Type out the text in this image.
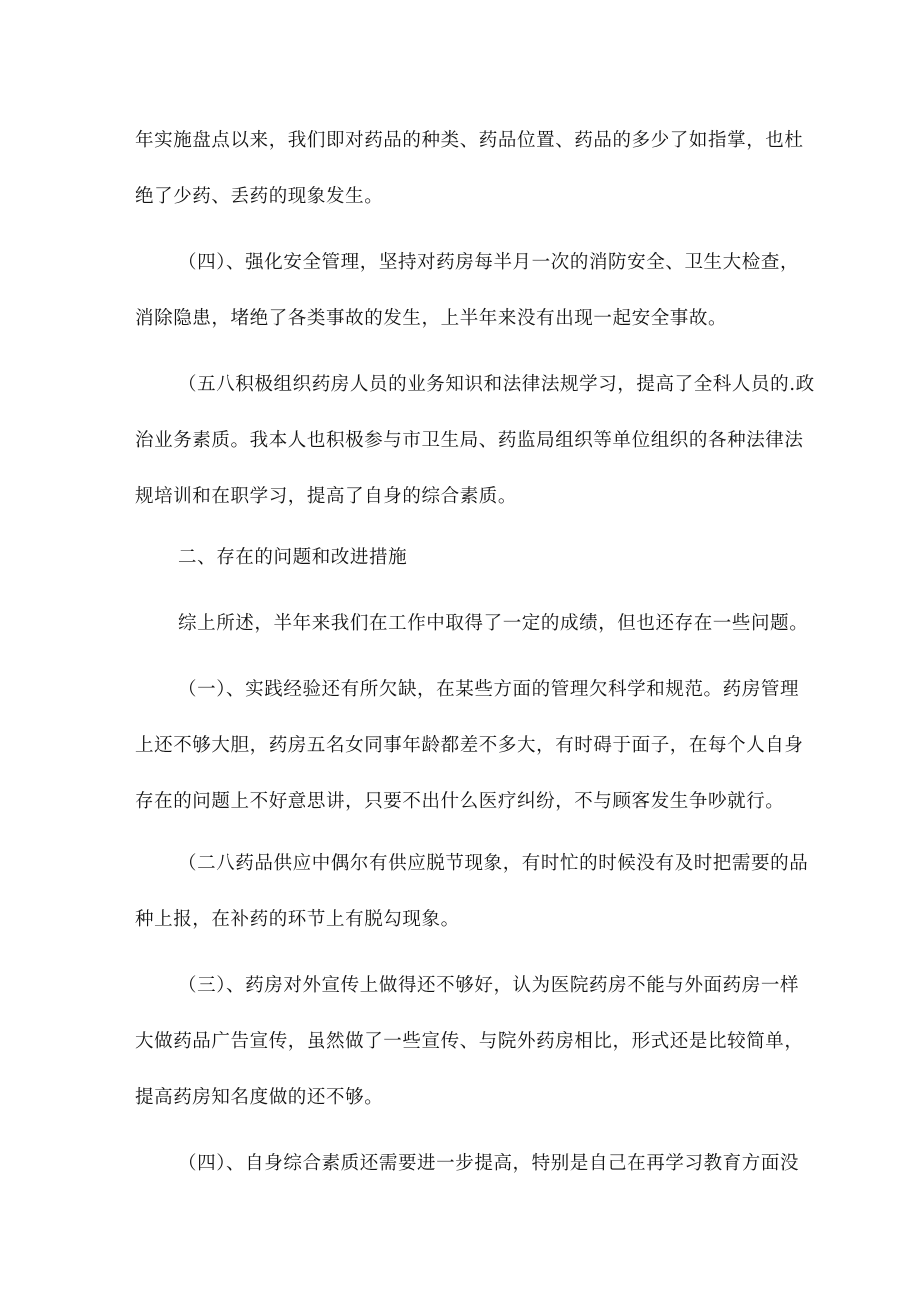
年实施盘点以来，我们即对药品的种类、药品位置、药品的多少了如指掌，也杜
绝了少药、丢药的现象发生。
（四）、强化安全管理，坚持对药房每半月一次的消防安全、卫生大检查，
消除隐患，堵绝了各类事故的发生，上半年来没有出现一起安全事故。
（五八积极组织药房人员的业务知识和法律法规学习，提高了全科人员的.政
治业务素质。我本人也积极参与市卫生局、药监局组织等单位组织的各种法律法
规培训和在职学习，提高了自身的综合素质。
二、存在的问题和改进措施
综上所述，半年来我们在工作中取得了一定的成绩，但也还存在一些问题。
（一）、实践经验还有所欠缺，在某些方面的管理欠科学和规范。药房管理
上还不够大胆，药房五名女同事年龄都差不多大，有时碍于面子，在每个人自身
存在的问题上不好意思讲，只要不出什么医疗纠纷，不与顾客发生争吵就行。
（二八药品供应中偶尔有供应脱节现象，有时忙的时候没有及时把需要的品
种上报，在补药的环节上有脱勾现象。
（三）、药房对外宣传上做得还不够好，认为医院药房不能与外面药房一样
大做药品广告宣传，虽然做了一些宣传、与院外药房相比，形式还是比较简单，
提高药房知名度做的还不够。
（四）、自身综合素质还需要进一步提高，特别是自己在再学习教育方面没
